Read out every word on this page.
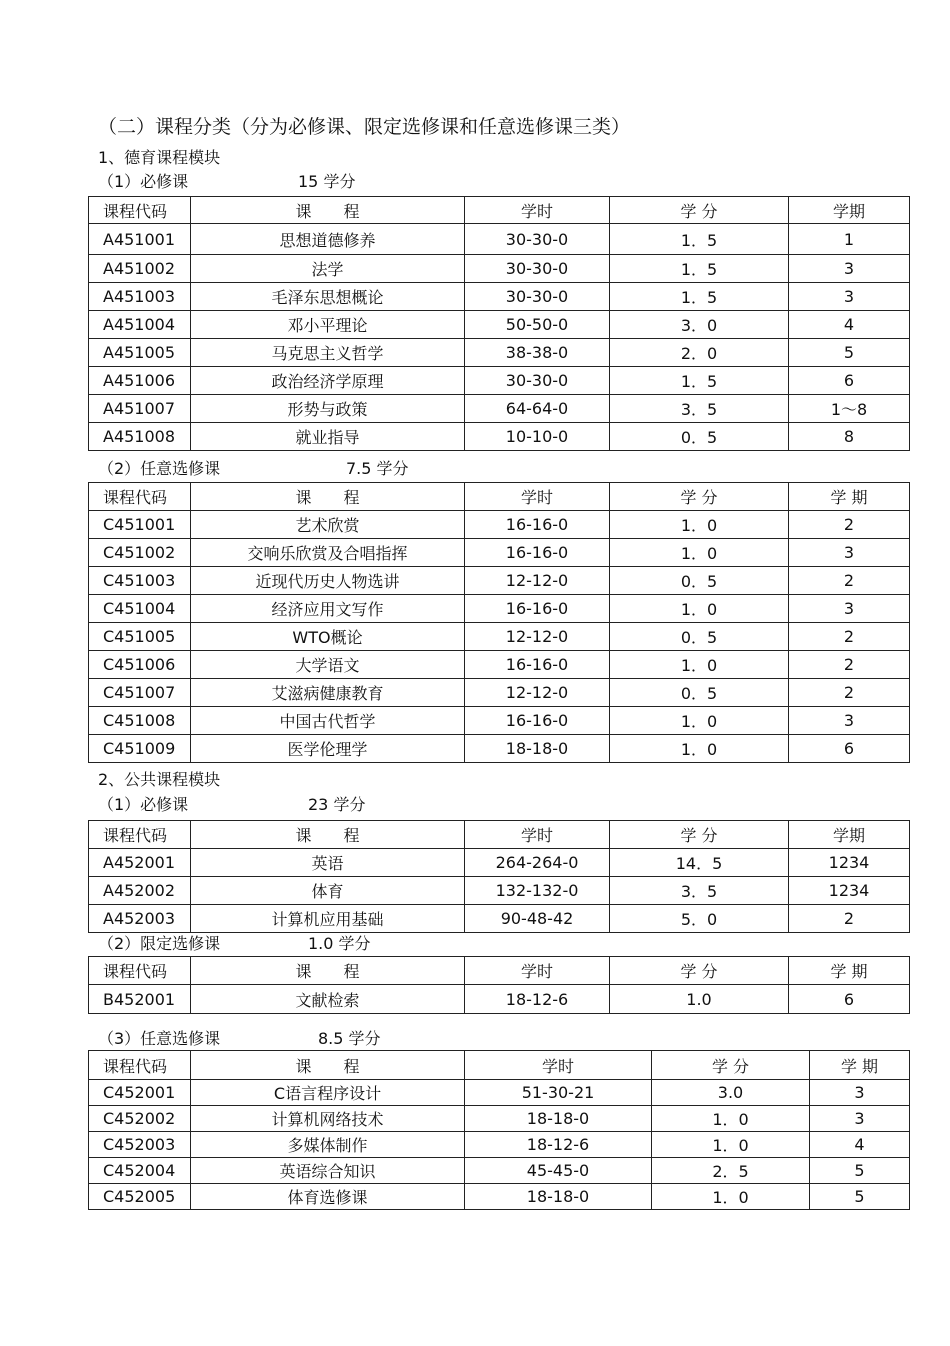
（二）课程分类（分为必修课、限定选修课和任意选修课三类）
1、德育课程模块
（1）必修课	15 学分
课程代码	课　　程	学时	学 分	学期
A451001	思想道德修养	30-30-0	1．5	1
A451002	法学	30-30-0	1．5	3
A451003	毛泽东思想概论	30-30-0	1．5	3
A451004	邓小平理论	50-50-0	3．0	4
A451005	马克思主义哲学	38-38-0	2．0	5
A451006	政治经济学原理	30-30-0	1．5	6
A451007	形势与政策	64-64-0	3．5	1～8
A451008	就业指导	10-10-0	0．5	8
（2）任意选修课	7.5 学分
课程代码	课　　程	学时	学 分	学 期
C451001	艺术欣赏	16-16-0	1．0	2
C451002	交响乐欣赏及合唱指挥	16-16-0	1．0	3
C451003	近现代历史人物选讲	12-12-0	0．5	2
C451004	经济应用文写作	16-16-0	1．0	3
C451005	WTO概论	12-12-0	0．5	2
C451006	大学语文	16-16-0	1．0	2
C451007	艾滋病健康教育	12-12-0	0．5	2
C451008	中国古代哲学	16-16-0	1．0	3
C451009	医学伦理学	18-18-0	1．0	6
2、公共课程模块
（1）必修课	23 学分
课程代码	课　　程	学时	学 分	学期
A452001	英语	264-264-0	14．5	1234
A452002	体育	132-132-0	3．5	1234
A452003	计算机应用基础	90-48-42	5．0	2
（2）限定选修课	1.0 学分
课程代码	课　　程	学时	学 分	学 期
B452001	文献检索	18-12-6	1.0	6
（3）任意选修课	8.5 学分
课程代码	课　　程	学时	学 分	学 期
C452001	C语言程序设计	51-30-21	3.0	3
C452002	计算机网络技术	18-18-0	1．0	3
C452003	多媒体制作	18-12-6	1．0	4
C452004	英语综合知识	45-45-0	2．5	5
C452005	体育选修课	18-18-0	1．0	5
